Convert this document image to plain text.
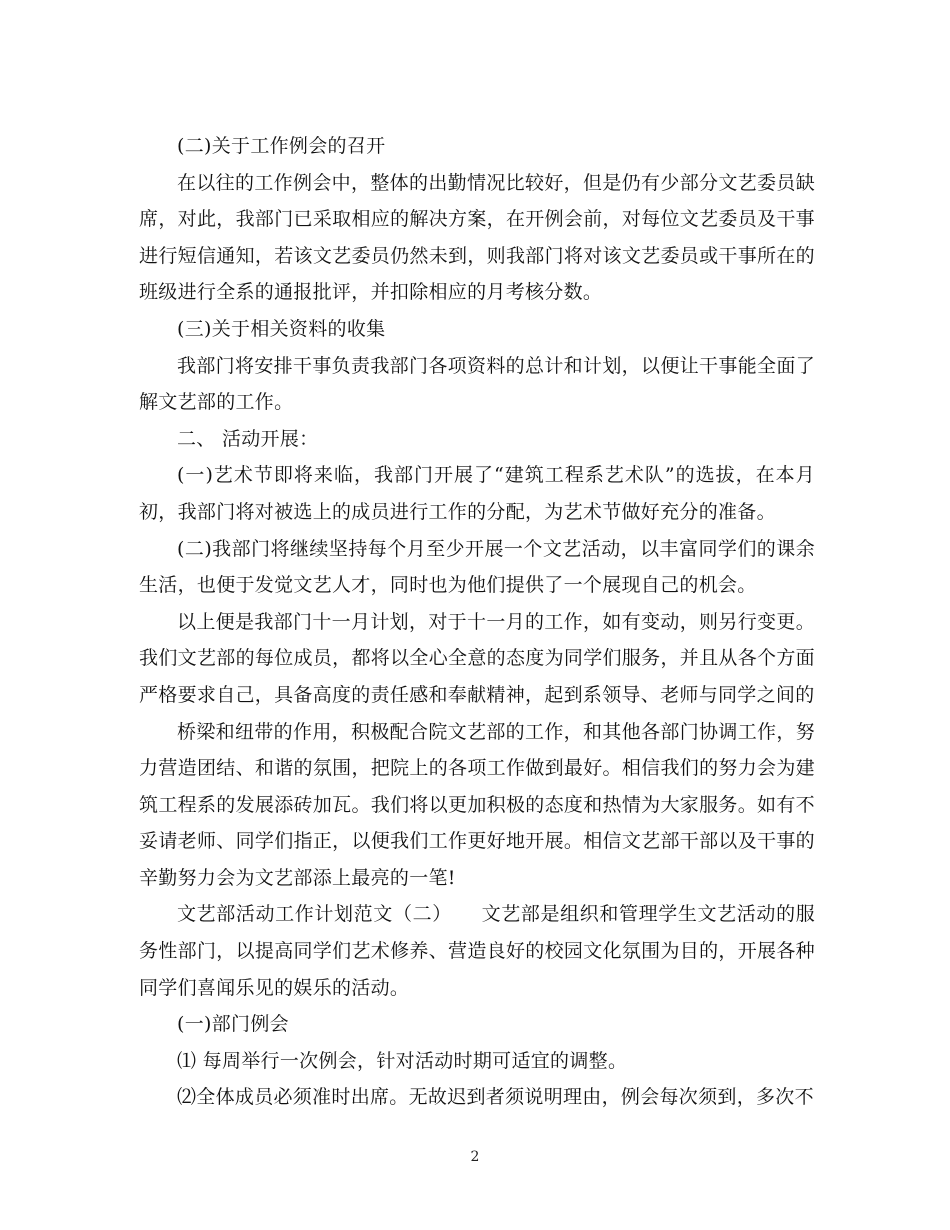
(二)关于工作例会的召开

在以往的工作例会中，整体的出勤情况比较好，但是仍有少部分文艺委员缺席，对此，我部门已采取相应的解决方案，在开例会前，对每位文艺委员及干事进行短信通知，若该文艺委员仍然未到，则我部门将对该文艺委员或干事所在的班级进行全系的通报批评，并扣除相应的月考核分数。

(三)关于相关资料的收集

我部门将安排干事负责我部门各项资料的总计和计划，以便让干事能全面了解文艺部的工作。

二、 活动开展：

(一)艺术节即将来临，我部门开展了“建筑工程系艺术队”的选拔，在本月初，我部门将对被选上的成员进行工作的分配，为艺术节做好充分的准备。

(二)我部门将继续坚持每个月至少开展一个文艺活动，以丰富同学们的课余生活，也便于发觉文艺人才，同时也为他们提供了一个展现自己的机会。

以上便是我部门十一月计划，对于十一月的工作，如有变动，则另行变更。我们文艺部的每位成员，都将以全心全意的态度为同学们服务，并且从各个方面严格要求自己，具备高度的责任感和奉献精神，起到系领导、老师与同学之间的

桥梁和纽带的作用，积极配合院文艺部的工作，和其他各部门协调工作，努力营造团结、和谐的氛围，把院上的各项工作做到最好。相信我们的努力会为建筑工程系的发展添砖加瓦。我们将以更加积极的态度和热情为大家服务。如有不妥请老师、同学们指正，以便我们工作更好地开展。相信文艺部干部以及干事的辛勤努力会为文艺部添上最亮的一笔!

文艺部活动工作计划范文（二）　　文艺部是组织和管理学生文艺活动的服务性部门，以提高同学们艺术修养、营造良好的校园文化氛围为目的，开展各种同学们喜闻乐见的娱乐的活动。

(一)部门例会

⑴ 每周举行一次例会，针对活动时期可适宜的调整。

⑵全体成员必须准时出席。无故迟到者须说明理由，例会每次须到，多次不

2
